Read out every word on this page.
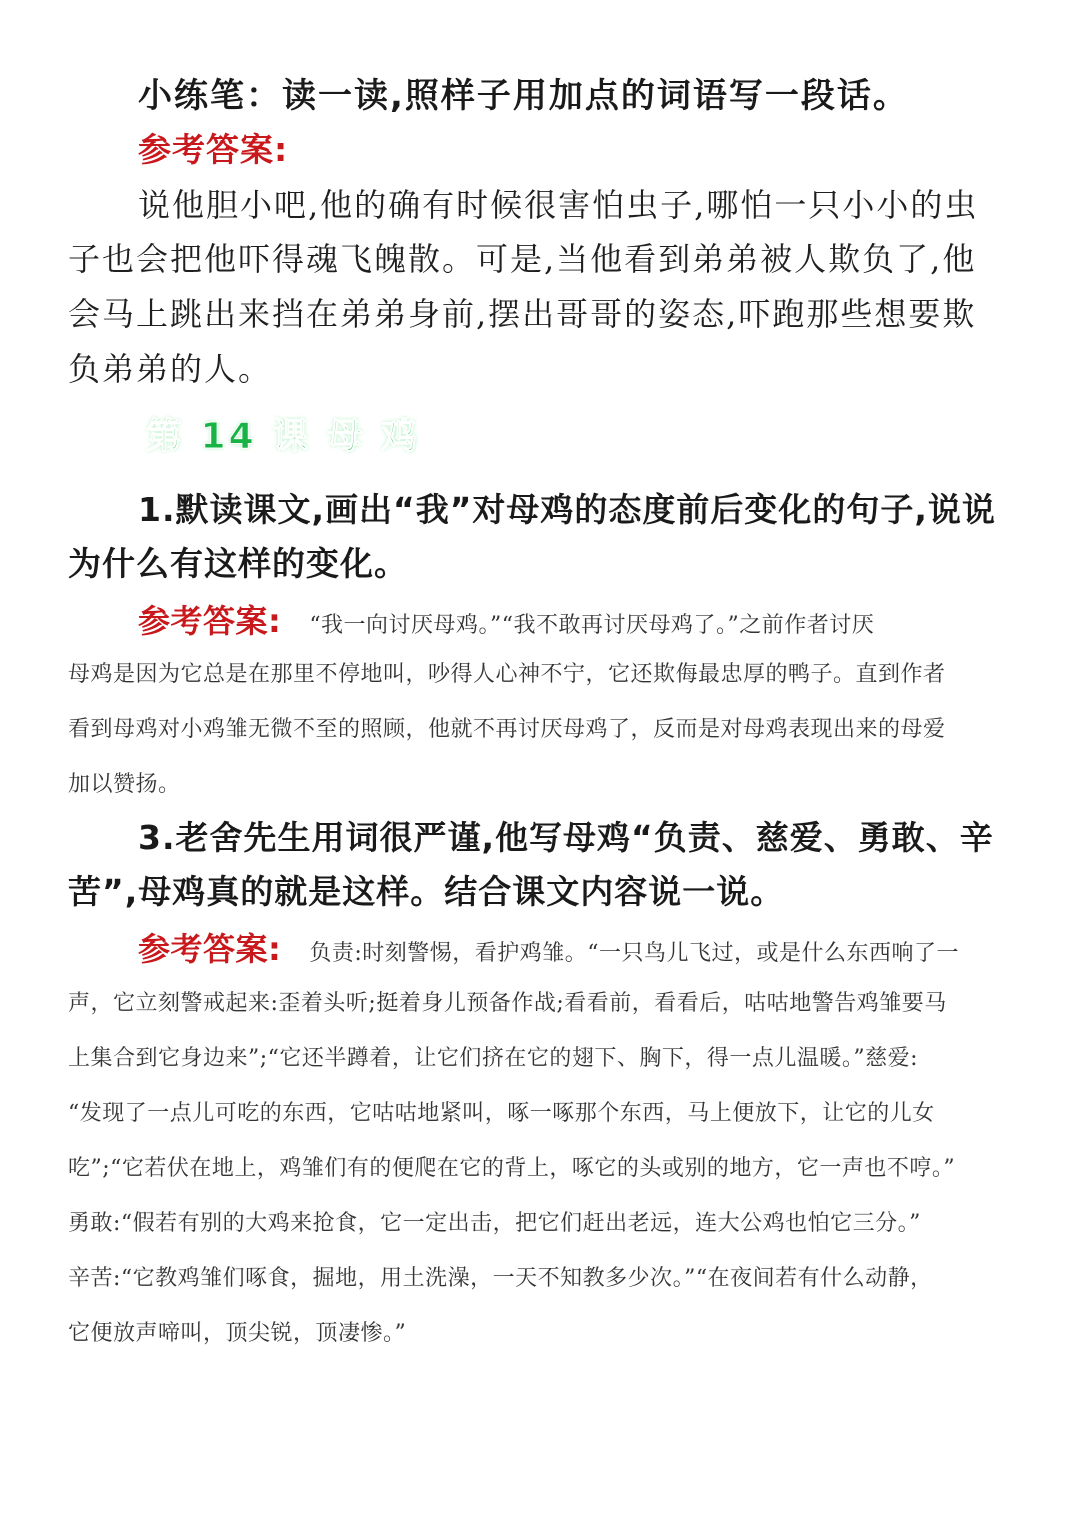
小练笔：读一读,照样子用加点的词语写一段话。
参考答案:
说他胆小吧,他的确有时候很害怕虫子,哪怕一只小小的虫
子也会把他吓得魂飞魄散。可是,当他看到弟弟被人欺负了,他
会马上跳出来挡在弟弟身前,摆出哥哥的姿态,吓跑那些想要欺
负弟弟的人。
第 14 课 母 鸡
1.默读课文,画出“我”对母鸡的态度前后变化的句子,说说
为什么有这样的变化。
参考答案: “我一向讨厌母鸡。”“我不敢再讨厌母鸡了。”之前作者讨厌
母鸡是因为它总是在那里不停地叫，吵得人心神不宁，它还欺侮最忠厚的鸭子。直到作者
看到母鸡对小鸡雏无微不至的照顾，他就不再讨厌母鸡了，反而是对母鸡表现出来的母爱
加以赞扬。
3.老舍先生用词很严谨,他写母鸡“负责、慈爱、勇敢、辛
苦”,母鸡真的就是这样。结合课文内容说一说。
参考答案: 负责:时刻警惕，看护鸡雏。“一只鸟儿飞过，或是什么东西响了一
声，它立刻警戒起来:歪着头听;挺着身儿预备作战;看看前，看看后，咕咕地警告鸡雏要马
上集合到它身边来”;“它还半蹲着，让它们挤在它的翅下、胸下，得一点儿温暖。”慈爱:
“发现了一点儿可吃的东西，它咕咕地紧叫，啄一啄那个东西，马上便放下，让它的儿女
吃”;“它若伏在地上，鸡雏们有的便爬在它的背上，啄它的头或别的地方，它一声也不哼。”
勇敢:“假若有别的大鸡来抢食，它一定出击，把它们赶出老远，连大公鸡也怕它三分。”
辛苦:“它教鸡雏们啄食，掘地，用土洗澡，一天不知教多少次。”“在夜间若有什么动静，
它便放声啼叫，顶尖锐，顶凄惨。”
